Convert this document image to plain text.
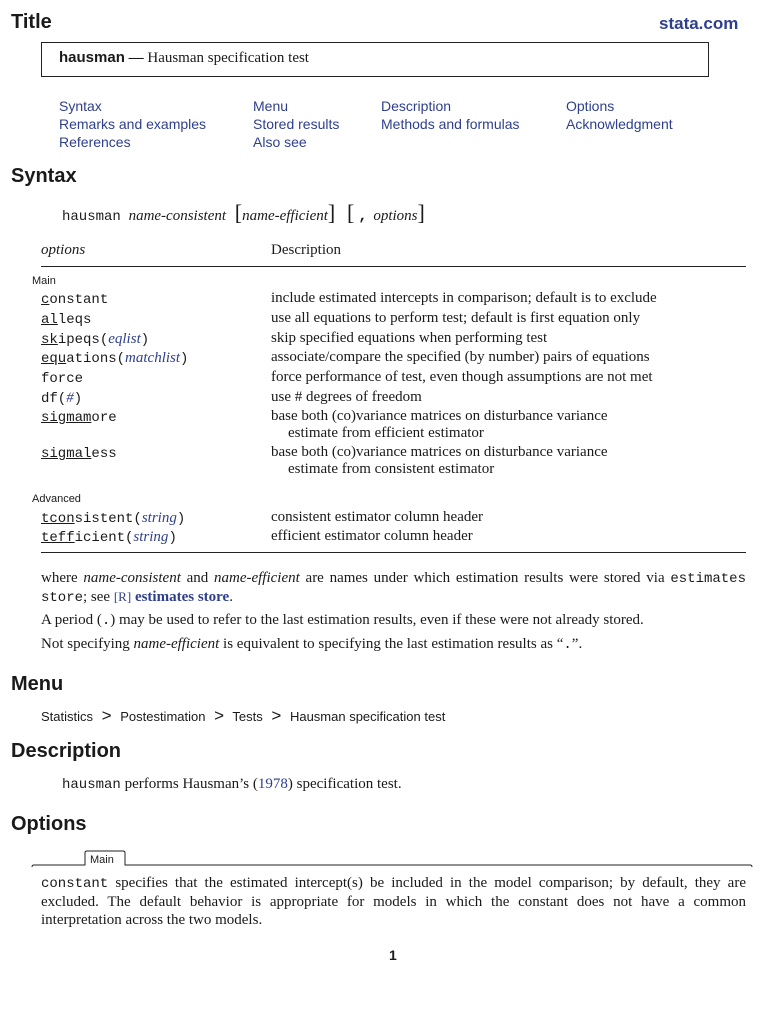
Title	stata.com
hausman — Hausman specification test
Syntax	Menu	Description	Options
Remarks and examples	Stored results	Methods and formulas	Acknowledgment
References	Also see
Syntax
hausman name-consistent [name-efficient] [ , options]
options	Description
Main
constant	include estimated intercepts in comparison; default is to exclude
alleqs	use all equations to perform test; default is first equation only
skipeqs(eqlist)	skip specified equations when performing test
equations(matchlist)	associate/compare the specified (by number) pairs of equations
force	force performance of test, even though assumptions are not met
df(#)	use # degrees of freedom
sigmamore	base both (co)variance matrices on disturbance variance
estimate from efficient estimator
sigmaless	base both (co)variance matrices on disturbance variance
estimate from consistent estimator
tconsistent(string)	consistent estimator column header
tefficient(string)	efficient estimator column header
Advanced

where name-consistent and name-efficient are names under which estimation results were stored via estimates store; see [R] estimates store.

A period (.) may be used to refer to the last estimation results, even if these were not already stored.

Not specifying name-efficient is equivalent to specifying the last estimation results as “.”.

Menu
Statistics > Postestimation > Tests > Hausman specification test
Description
hausman performs Hausman’s (1978) specification test.
Options
Main

constant specifies that the estimated intercept(s) be included in the model comparison; by default, they are excluded. The default behavior is appropriate for models in which the constant does not have a common interpretation across the two models.

1
